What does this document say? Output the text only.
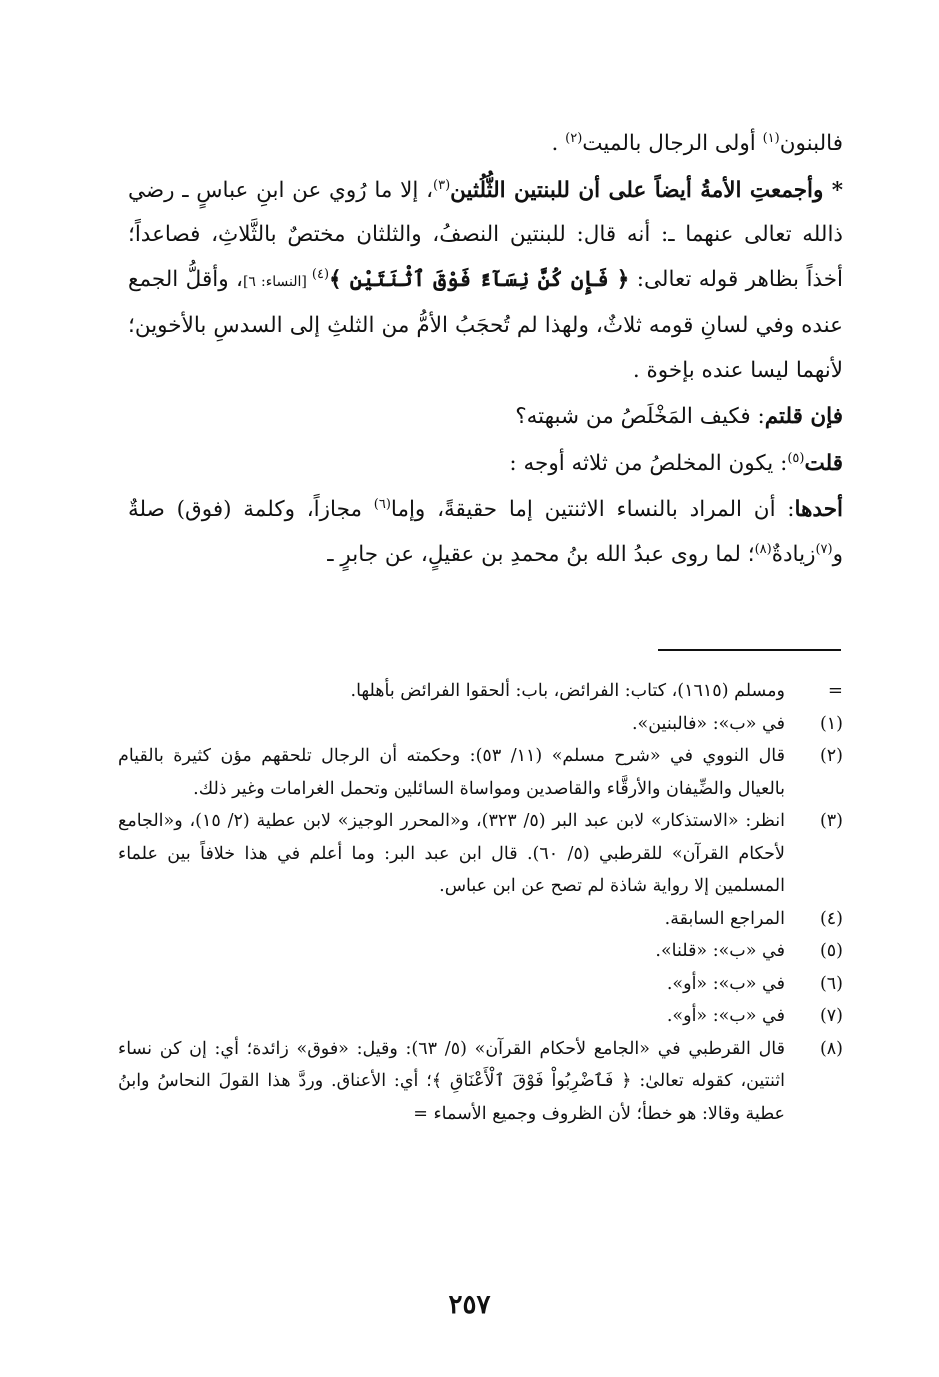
فالبنون$^{(١)}$ أولى الرجال بالميت$^{(٢)}$ .

* وأجمعتِ الأمةُ أيضاً على أن للبنتين الثُّلُثين$^{(٣)}$، إلا ما رُوي عن ابنِ عباسٍ ـ رضي ذالله تعالى عنهما ـ: أنه قال: للبنتين النصفُ، والثلثان مختصٌ بالثَّلاثِ، فصاعداً؛ أخذاً بظاهر قوله تعالى: ﴿ فَإِن كُنَّ نِسَآءً فَوْقَ ٱثْنَتَيْنِ ﴾$^{(٤)}$ [النساء: ٦]، وأقلُّ الجمع عنده وفي لسانِ قومه ثلاثٌ، ولهذا لم تُحجَبُ الأمُّ من الثلثِ إلى السدسِ بالأخوين؛ لأنهما ليسا عنده بإخوة .

فإن قلتم: فكيف المَخْلَصُ من شبهته؟

قلت$^{(٥)}$: يكون المخلصُ من ثلاثه أوجه :

أحدها: أن المراد بالنساء الاثنتين إما حقيقةً، وإما$^{(٦)}$ مجازاً، وكلمة (فوق) صلةٌ و$^{(٧)}$زيادةٌ$^{(٨)}$؛ لما روى عبدُ الله بنُ محمدِ بن عقيلٍ، عن جابرٍ ـ

=
ومسلم (١٦١٥)، كتاب: الفرائض، باب: ألحقوا الفرائض بأهلها.
(١)
في «ب»: «فالبنين».
(٢)
قال النووي في «شرح مسلم» (١١/ ٥٣): وحكمته أن الرجال تلحقهم مؤن كثيرة بالقيام بالعيال والضِّيفان والأرقَّاء والقاصدين ومواساة السائلين وتحمل الغرامات وغير ذلك.
(٣)
انظر: «الاستذكار» لابن عبد البر (٥/ ٣٢٣)، و«المحرر الوجيز» لابن عطية (٢/ ١٥)، و«الجامع لأحكام القرآن» للقرطبي (٥/ ٦٠). قال ابن عبد البر: وما أعلم في هذا خلافاً بين علماء المسلمين إلا رواية شاذة لم تصح عن ابن عباس.
(٤)
المراجع السابقة.
(٥)
في «ب»: «قلنا».
(٦)
في «ب»: «أو».
(٧)
في «ب»: «أو».
(٨)
قال القرطبي في «الجامع لأحكام القرآن» (٥/ ٦٣): وقيل: «فوق» زائدة؛ أي: إن كن نساء اثنتين، كقوله تعالىٰ: ﴿ فَٱضْرِبُواْ فَوْقَ ٱلْأَعْنَاقِ ﴾؛ أي: الأعناق. وردَّ هذا القولَ النحاسُ وابنُ عطية وقالا: هو خطأ؛ لأن الظروف وجميع الأسماء =
٢٥٧
